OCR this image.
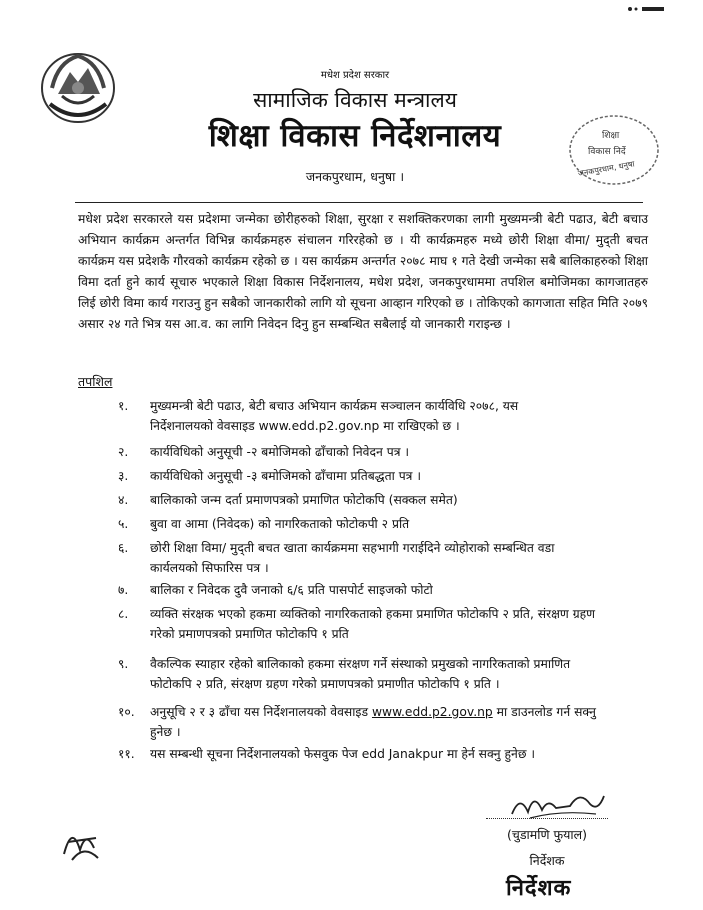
मधेश प्रदेश सरकार
सामाजिक विकास मन्त्रालय
शिक्षा विकास निर्देशनालय
जनकपुरधाम, धनुषा ।
शिक्षा
विकास निर्दे
जनकपुरधाम, धनुषा
मधेश प्रदेश सरकारले यस प्रदेशमा जन्मेका छोरीहरुको शिक्षा, सुरक्षा र सशक्तिकरणका लागी मुख्यमन्त्री बेटी पढाउ, बेटी बचाउ अभियान कार्यक्रम अन्तर्गत विभिन्न कार्यक्रमहरु संचालन गरिरहेको छ । यी कार्यक्रमहरु मध्ये छोरी शिक्षा वीमा/ मुद्‌ती बचत कार्यक्रम यस प्रदेशकै गौरवको कार्यक्रम रहेको छ । यस कार्यक्रम अन्तर्गत २०७८ माघ १ गते देखी जन्मेका सबै बालिकाहरुको शिक्षा विमा दर्ता हुने कार्य सूचारु भएकाले शिक्षा विकास निर्देशनालय, मधेश प्रदेश, जनकपुरधाममा तपशिल बमोजिमका कागजातहरु लिई छोरी विमा कार्य गराउनु हुन सबैको जानकारीको लागि यो सूचना आव्हान गरिएको छ । तोकिएको कागजाता सहित मिति २०७९ असार २४ गते भित्र यस आ.व. का लागि निवेदन दिनु हुन सम्बन्धित सबैलाई यो जानकारी गराइन्छ ।
तपशिल
१. मुख्यमन्त्री बेटी पढाउ, बेटी बचाउ अभियान कार्यक्रम सञ्चालन कार्यविधि २०७८, यस
निर्देशनालयको वेवसाइड www.edd.p2.gov.np मा राखिएको छ ।
२. कार्यविधिको अनुसूची -२ बमोजिमको ढाँचाको निवेदन पत्र ।
३. कार्यविधिको अनुसूची -३ बमोजिमको ढाँचामा प्रतिबद्धता पत्र ।
४. बालिकाको जन्म दर्ता प्रमाणपत्रको प्रमाणित फोटोकपि (सक्कल समेत)
५. बुवा वा आमा (निवेदक) को नागरिकताको फोटोकपी २ प्रति
६. छोरी शिक्षा विमा/ मुद्‌ती बचत खाता कार्यक्रममा सहभागी गराईदिने व्योहोराको सम्बन्धित वडा
कार्यलयको सिफारिस पत्र ।
७. बालिका र निवेदक दुवै जनाको ६/६ प्रति पासपोर्ट साइजको फोटो
८. व्यक्ति संरक्षक भएको हकमा व्यक्तिको नागरिकताको हकमा प्रमाणित फोटोकपि २ प्रति, संरक्षण ग्रहण
गरेको प्रमाणपत्रको प्रमाणित फोटोकपि १ प्रति
९. वैकल्पिक स्याहार रहेको बालिकाको हकमा संरक्षण गर्ने संस्थाको प्रमुखको नागरिकताको प्रमाणित
फोटोकपि २ प्रति, संरक्षण ग्रहण गरेको प्रमाणपत्रको प्रमाणीत फोटोकपि १ प्रति ।
१०. अनुसूचि २ र ३ ढाँचा यस निर्देशनालयको वेवसाइड www.edd.p2.gov.np मा डाउनलोड गर्न सक्नु
हुनेछ ।
११. यस सम्बन्धी सूचना निर्देशनालयको फेसवुक पेज edd Janakpur मा हेर्न सक्नु हुनेछ ।
(चुडामणि फुयाल)
निर्देशक
निर्देशक
